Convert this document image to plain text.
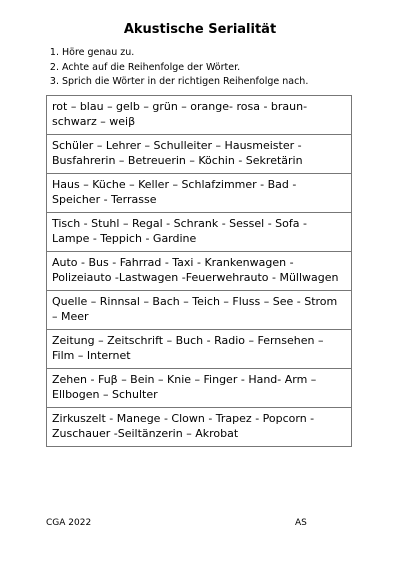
Akustische Serialität
1. Höre genau zu.
2. Achte auf die Reihenfolge der Wörter.
3. Sprich die Wörter in der richtigen Reihenfolge nach.
rot – blau – gelb – grün – orange- rosa - braun-schwarz – weiβ
Schüler – Lehrer – Schulleiter – Hausmeister - Busfahrerin – Betreuerin – Köchin - Sekretärin
Haus – Küche – Keller – Schlafzimmer - Bad - Speicher - Terrasse
Tisch - Stuhl – Regal - Schrank - Sessel - Sofa - Lampe - Teppich - Gardine
Auto - Bus - Fahrrad - Taxi - Krankenwagen - Polizeiauto -Lastwagen -Feuerwehrauto - Müllwagen
Quelle – Rinnsal – Bach – Teich – Fluss – See - Strom – Meer
Zeitung – Zeitschrift – Buch - Radio – Fernsehen – Film – Internet
Zehen - Fuβ – Bein – Knie – Finger - Hand- Arm – Ellbogen – Schulter
Zirkuszelt - Manege - Clown - Trapez - Popcorn - Zuschauer -Seiltänzerin – Akrobat
CGA 2022	AS
